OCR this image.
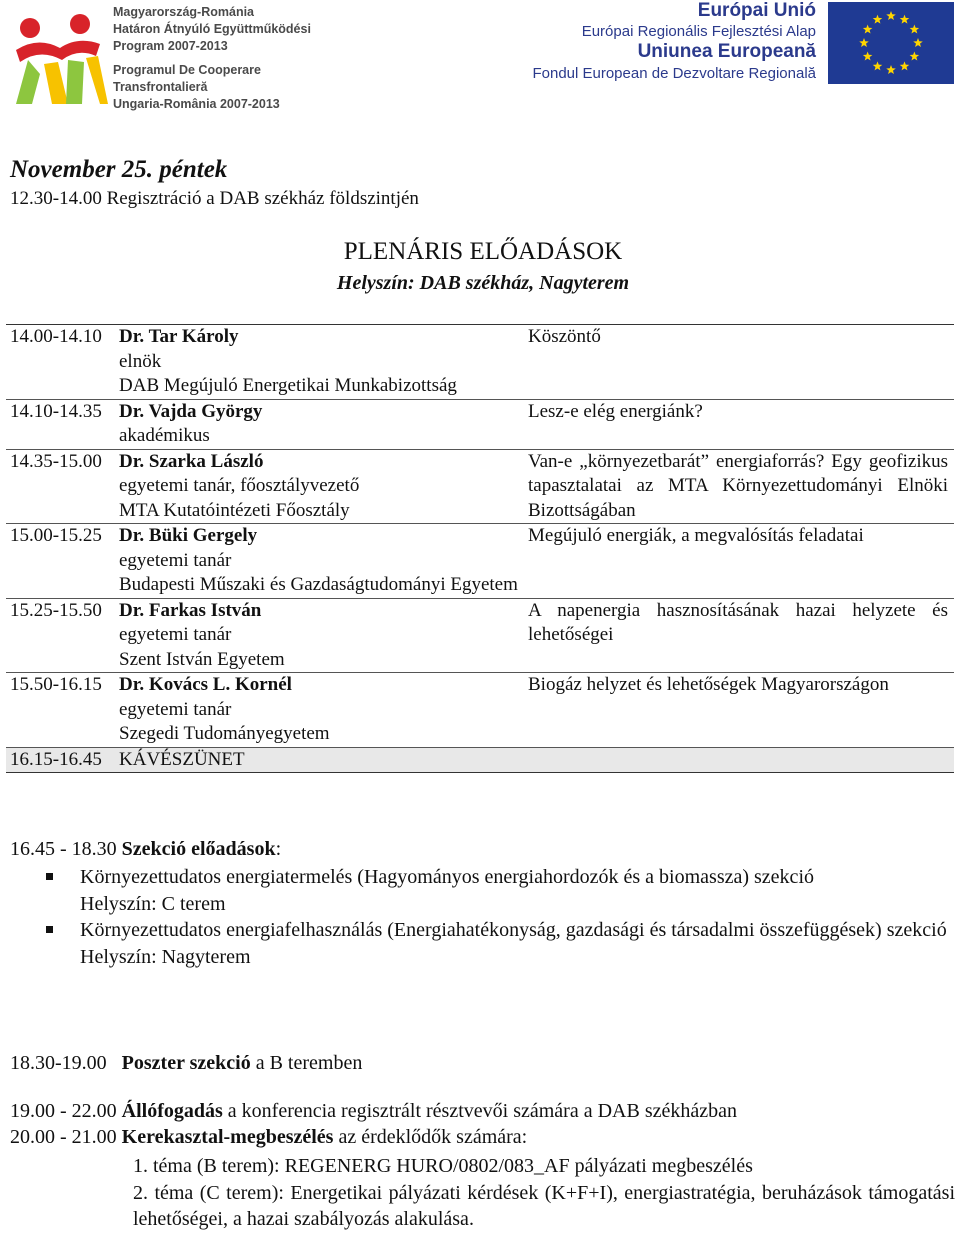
Magyarország-Románia
Határon Átnyúló Együttműködési
Program 2007-2013
Programul De Cooperare
Transfrontalieră
Ungaria-România 2007-2013
Európai Unió
Európai Regionális Fejlesztési Alap
Uniunea Europeană
Fondul European de Dezvoltare Regională
November 25. péntek
12.30-14.00 Regisztráció a DAB székház földszintjén
PLENÁRIS ELŐADÁSOK
Helyszín: DAB székház, Nagyterem
14.00-14.10 Dr. Tar Károly
elnök
DAB Megújuló Energetikai Munkabizottság
Köszöntő
14.10-14.35 Dr. Vajda György
akadémikus
Lesz-e elég energiánk?
14.35-15.00 Dr. Szarka László
egyetemi tanár, főosztályvezető
MTA Kutatóintézeti Főosztály
Van-e „környezetbarát” energiaforrás? Egy geofizikus tapasztalatai az MTA Környezettudományi Elnöki Bizottságában
15.00-15.25 Dr. Büki Gergely
egyetemi tanár
Budapesti Műszaki és Gazdaságtudományi Egyetem
Megújuló energiák, a megvalósítás feladatai
15.25-15.50 Dr. Farkas István
egyetemi tanár
Szent István Egyetem
A napenergia hasznosításának hazai helyzete és lehetőségei
15.50-16.15 Dr. Kovács L. Kornél
egyetemi tanár
Szegedi Tudományegyetem
Biogáz helyzet és lehetőségek Magyarországon
16.15-16.45 KÁVÉSZÜNET
16.45 - 18.30 Szekció előadások:
Környezettudatos energiatermelés (Hagyományos energiahordozók és a biomassza) szekció
Helyszín: C terem
Környezettudatos energiafelhasználás (Energiahatékonyság, gazdasági és társadalmi összefüggések) szekció
Helyszín: Nagyterem
18.30-19.00 Poszter szekció a B teremben
19.00 - 22.00 Állófogadás a konferencia regisztrált résztvevői számára a DAB székházban
20.00 - 21.00 Kerekasztal-megbeszélés az érdeklődők számára:
1. téma (B terem): REGENERG HURO/0802/083_AF pályázati megbeszélés
2. téma (C terem): Energetikai pályázati kérdések (K+F+I), energiastratégia, beruházások támogatási lehetőségei, a hazai szabályozás alakulása.
